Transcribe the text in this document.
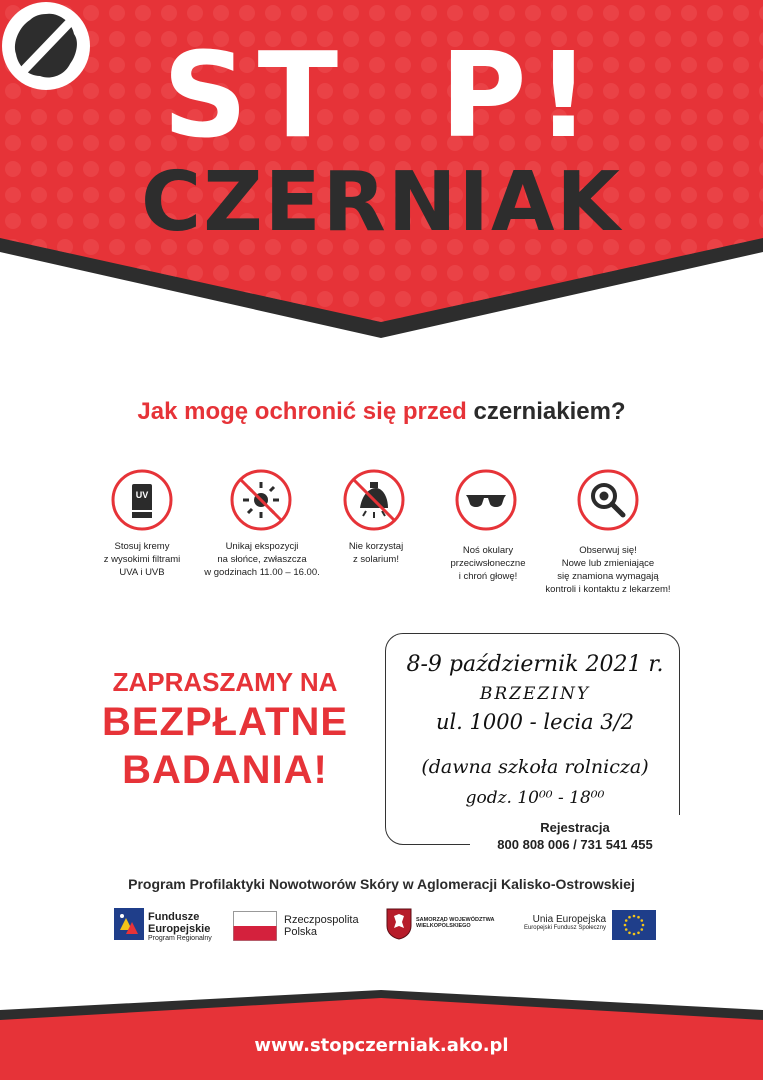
ST P!
CZERNIAK
Jak mogę ochronić się przed czerniakiem?
UV
Stosuj kremy
z wysokimi filtrami
UVA i UVB
Unikaj ekspozycji
na słońce, zwłaszcza
w godzinach 11.00 – 16.00.
Nie korzystaj
z solarium!
Noś okulary
przeciwsłoneczne
i chroń głowę!
Obserwuj się!
Nowe lub zmieniające
się znamiona wymagają
kontroli i kontaktu z lekarzem!
ZAPRASZAMY NA
BEZPŁATNE
BADANIA!
8-9 październik 2021 r.
BRZEZINY
ul. 1000 - lecia 3/2
(dawna szkoła rolnicza)
godz. 10⁰⁰ - 18⁰⁰
Rejestracja
800 808 006 / 731 541 455
Program Profilaktyki Nowotworów Skóry w Aglomeracji Kalisko-Ostrowskiej
Fundusze
Europejskie
Program Regionalny
Rzeczpospolita
Polska
SAMORZĄD WOJEWÓDZTWA
WIELKOPOLSKIEGO
Unia Europejska
Europejski Fundusz Społeczny
www.stopczerniak.ako.pl
